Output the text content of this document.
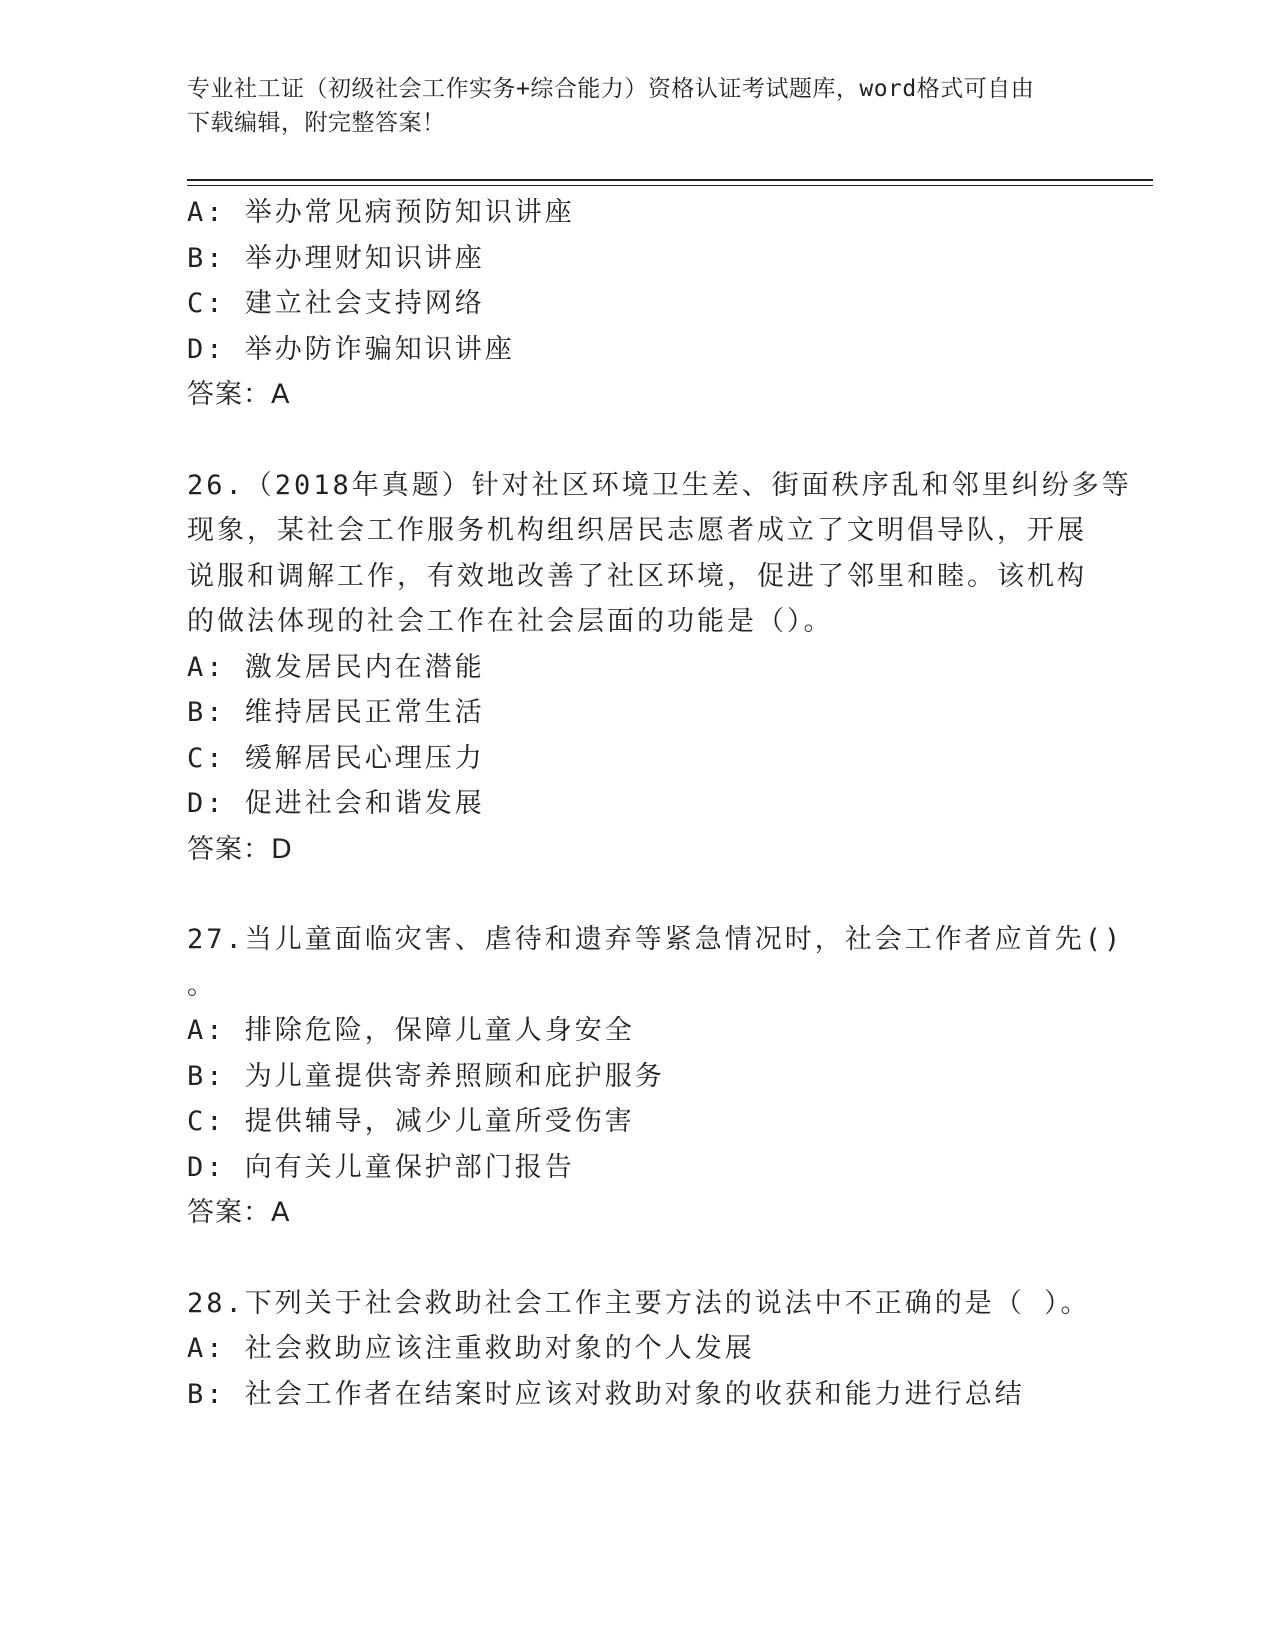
专业社工证（初级社会工作实务+综合能力）资格认证考试题库，word格式可自由
下载编辑，附完整答案！

A: 举办常见病预防知识讲座

B: 举办理财知识讲座

C: 建立社会支持网络

D: 举办防诈骗知识讲座

答案：A

26.（2018年真题）针对社区环境卫生差、街面秩序乱和邻里纠纷多等

现象，某社会工作服务机构组织居民志愿者成立了文明倡导队，开展

说服和调解工作，有效地改善了社区环境，促进了邻里和睦。该机构

的做法体现的社会工作在社会层面的功能是（）。

A: 激发居民内在潜能

B: 维持居民正常生活

C: 缓解居民心理压力

D: 促进社会和谐发展

答案：D

27.当儿童面临灾害、虐待和遗弃等紧急情况时，社会工作者应首先()

。

A: 排除危险，保障儿童人身安全

B: 为儿童提供寄养照顾和庇护服务

C: 提供辅导，减少儿童所受伤害

D: 向有关儿童保护部门报告

答案：A

28.下列关于社会救助社会工作主要方法的说法中不正确的是（ ）。

A: 社会救助应该注重救助对象的个人发展

B: 社会工作者在结案时应该对救助对象的收获和能力进行总结
